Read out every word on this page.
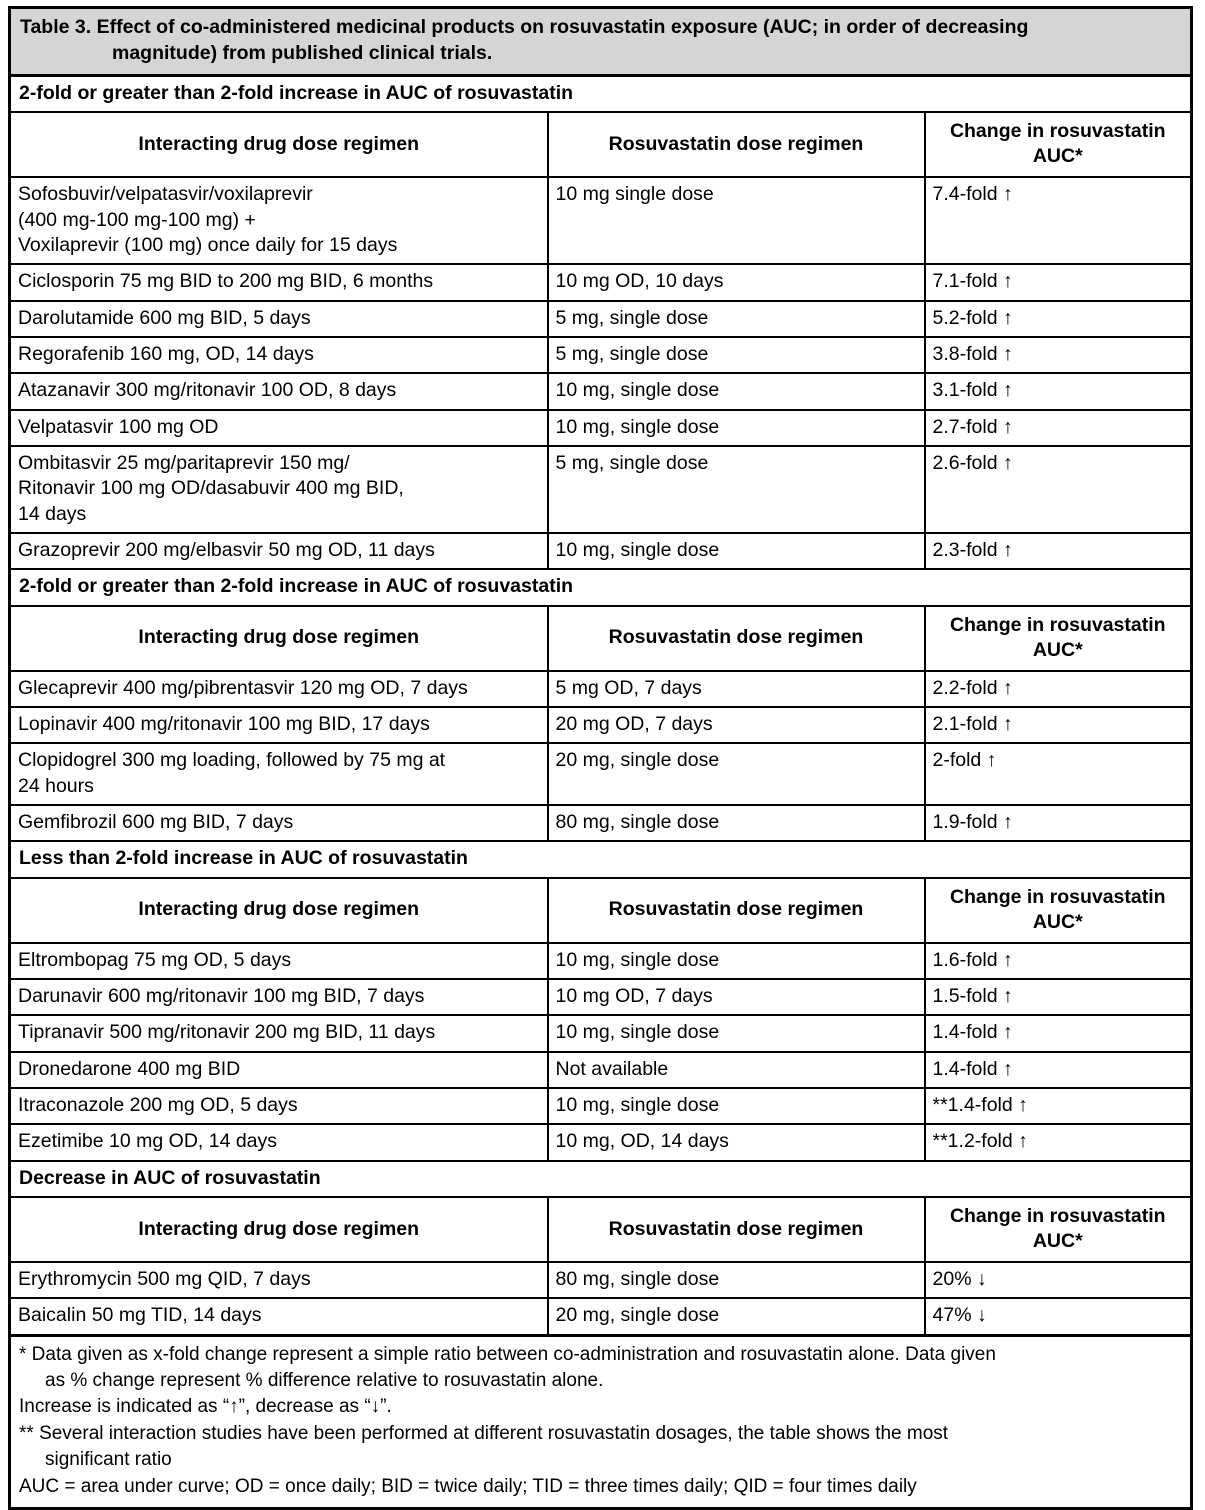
Table 3. Effect of co-administered medicinal products on rosuvastatin exposure (AUC; in order of decreasing
magnitude) from published clinical trials.		

2-fold or greater than 2-fold increase in AUC of rosuvastatin		
Interacting drug dose regimen	Rosuvastatin dose regimen	Change in rosuvastatin AUC*

Sofosbuvir/velpatasvir/voxilaprevir
(400 mg-100 mg-100 mg) +
Voxilaprevir (100 mg) once daily for 15 days	10 mg single dose	7.4-fold ↑
Ciclosporin 75 mg BID to 200 mg BID, 6 months	10 mg OD, 10 days	7.1-fold ↑
Darolutamide 600 mg BID, 5 days	5 mg, single dose	5.2-fold ↑
Regorafenib 160 mg, OD, 14 days	5 mg, single dose	3.8-fold ↑
Atazanavir 300 mg/ritonavir 100 OD, 8 days	10 mg, single dose	3.1-fold ↑
Velpatasvir 100 mg OD	10 mg, single dose	2.7-fold ↑

Ombitasvir 25 mg/paritaprevir 150 mg/
Ritonavir 100 mg OD/dasabuvir 400 mg BID,
14 days	5 mg, single dose	2.6-fold ↑
Grazoprevir 200 mg/elbasvir 50 mg OD, 11 days	10 mg, single dose	2.3-fold ↑
2-fold or greater than 2-fold increase in AUC of rosuvastatin		
Interacting drug dose regimen	Rosuvastatin dose regimen	Change in rosuvastatin AUC*
Glecaprevir 400 mg/pibrentasvir 120 mg OD, 7 days	5 mg OD, 7 days	2.2-fold ↑
Lopinavir 400 mg/ritonavir 100 mg BID, 17 days	20 mg OD, 7 days	2.1-fold ↑

Clopidogrel 300 mg loading, followed by 75 mg at
24 hours	20 mg, single dose	2-fold ↑
Gemfibrozil 600 mg BID, 7 days	80 mg, single dose	1.9-fold ↑
Less than 2-fold increase in AUC of rosuvastatin		
Interacting drug dose regimen	Rosuvastatin dose regimen	Change in rosuvastatin AUC*
Eltrombopag 75 mg OD, 5 days	10 mg, single dose	1.6-fold ↑
Darunavir 600 mg/ritonavir 100 mg BID, 7 days	10 mg OD, 7 days	1.5-fold ↑
Tipranavir 500 mg/ritonavir 200 mg BID, 11 days	10 mg, single dose	1.4-fold ↑
Dronedarone 400 mg BID	Not available	1.4-fold ↑
Itraconazole 200 mg OD, 5 days	10 mg, single dose	**1.4-fold ↑
Ezetimibe 10 mg OD, 14 days	10 mg, OD, 14 days	**1.2-fold ↑
Decrease in AUC of rosuvastatin		
Interacting drug dose regimen	Rosuvastatin dose regimen	Change in rosuvastatin AUC*
Erythromycin 500 mg QID, 7 days	80 mg, single dose	20% ↓
Baicalin 50 mg TID, 14 days	20 mg, single dose	47% ↓

* Data given as x-fold change represent a simple ratio between co-administration and rosuvastatin alone. Data given
as % change represent % difference relative to rosuvastatin alone.
Increase is indicated as “↑”, decrease as “↓”.
** Several interaction studies have been performed at different rosuvastatin dosages, the table shows the most
significant ratio
AUC = area under curve; OD = once daily; BID = twice daily; TID = three times daily; QID = four times daily
